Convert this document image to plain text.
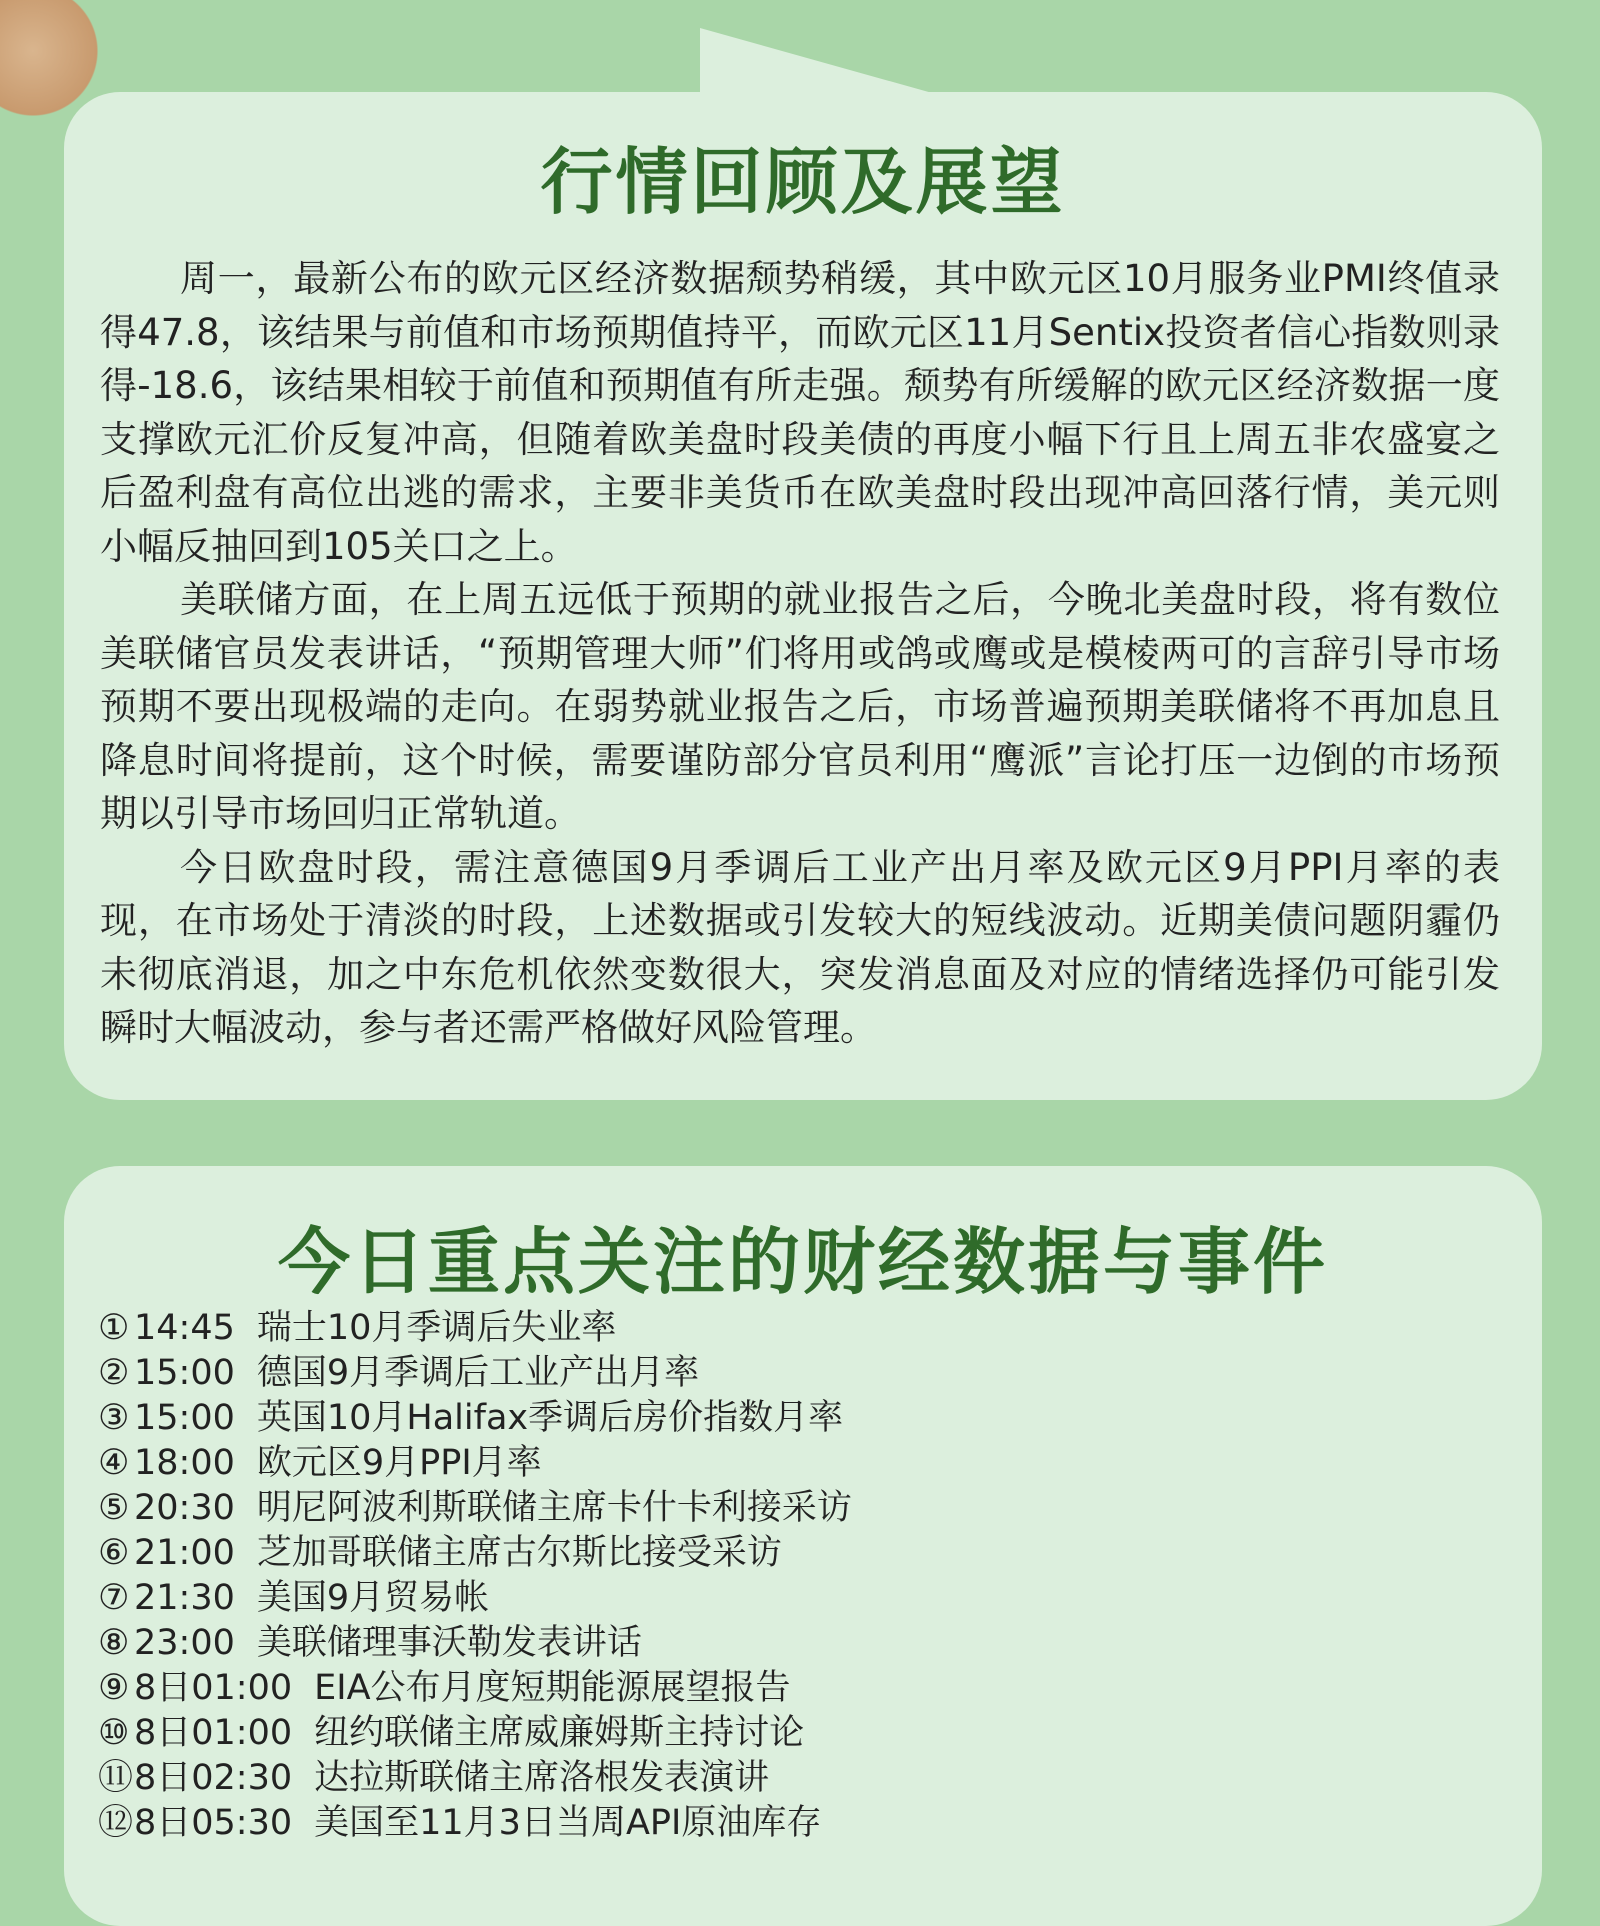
行情回顾及展望

周一，最新公布的欧元区经济数据颓势稍缓，其中欧元区10月服务业PMI终值录得47.8，该结果与前值和市场预期值持平，而欧元区11月Sentix投资者信心指数则录得-18.6，该结果相较于前值和预期值有所走强。颓势有所缓解的欧元区经济数据一度支撑欧元汇价反复冲高，但随着欧美盘时段美债的再度小幅下行且上周五非农盛宴之后盈利盘有高位出逃的需求，主要非美货币在欧美盘时段出现冲高回落行情，美元则小幅反抽回到105关口之上。

美联储方面，在上周五远低于预期的就业报告之后，今晚北美盘时段，将有数位美联储官员发表讲话，“预期管理大师”们将用或鸽或鹰或是模棱两可的言辞引导市场预期不要出现极端的走向。在弱势就业报告之后，市场普遍预期美联储将不再加息且降息时间将提前，这个时候，需要谨防部分官员利用“鹰派”言论打压一边倒的市场预期以引导市场回归正常轨道。

今日欧盘时段，需注意德国9月季调后工业产出月率及欧元区9月PPI月率的表现，在市场处于清淡的时段，上述数据或引发较大的短线波动。近期美债问题阴霾仍未彻底消退，加之中东危机依然变数很大，突发消息面及对应的情绪选择仍可能引发瞬时大幅波动，参与者还需严格做好风险管理。

今日重点关注的财经数据与事件
① 14:45 瑞士10月季调后失业率
② 15:00 德国9月季调后工业产出月率
③ 15:00 英国10月Halifax季调后房价指数月率
④ 18:00 欧元区9月PPI月率
⑤ 20:30 明尼阿波利斯联储主席卡什卡利接采访
⑥ 21:00 芝加哥联储主席古尔斯比接受采访
⑦ 21:30 美国9月贸易帐
⑧ 23:00 美联储理事沃勒发表讲话
⑨ 8日01:00 EIA公布月度短期能源展望报告
⑩ 8日01:00 纽约联储主席威廉姆斯主持讨论
⑪8日02:30 达拉斯联储主席洛根发表演讲
⑫8日05:30 美国至11月3日当周API原油库存
